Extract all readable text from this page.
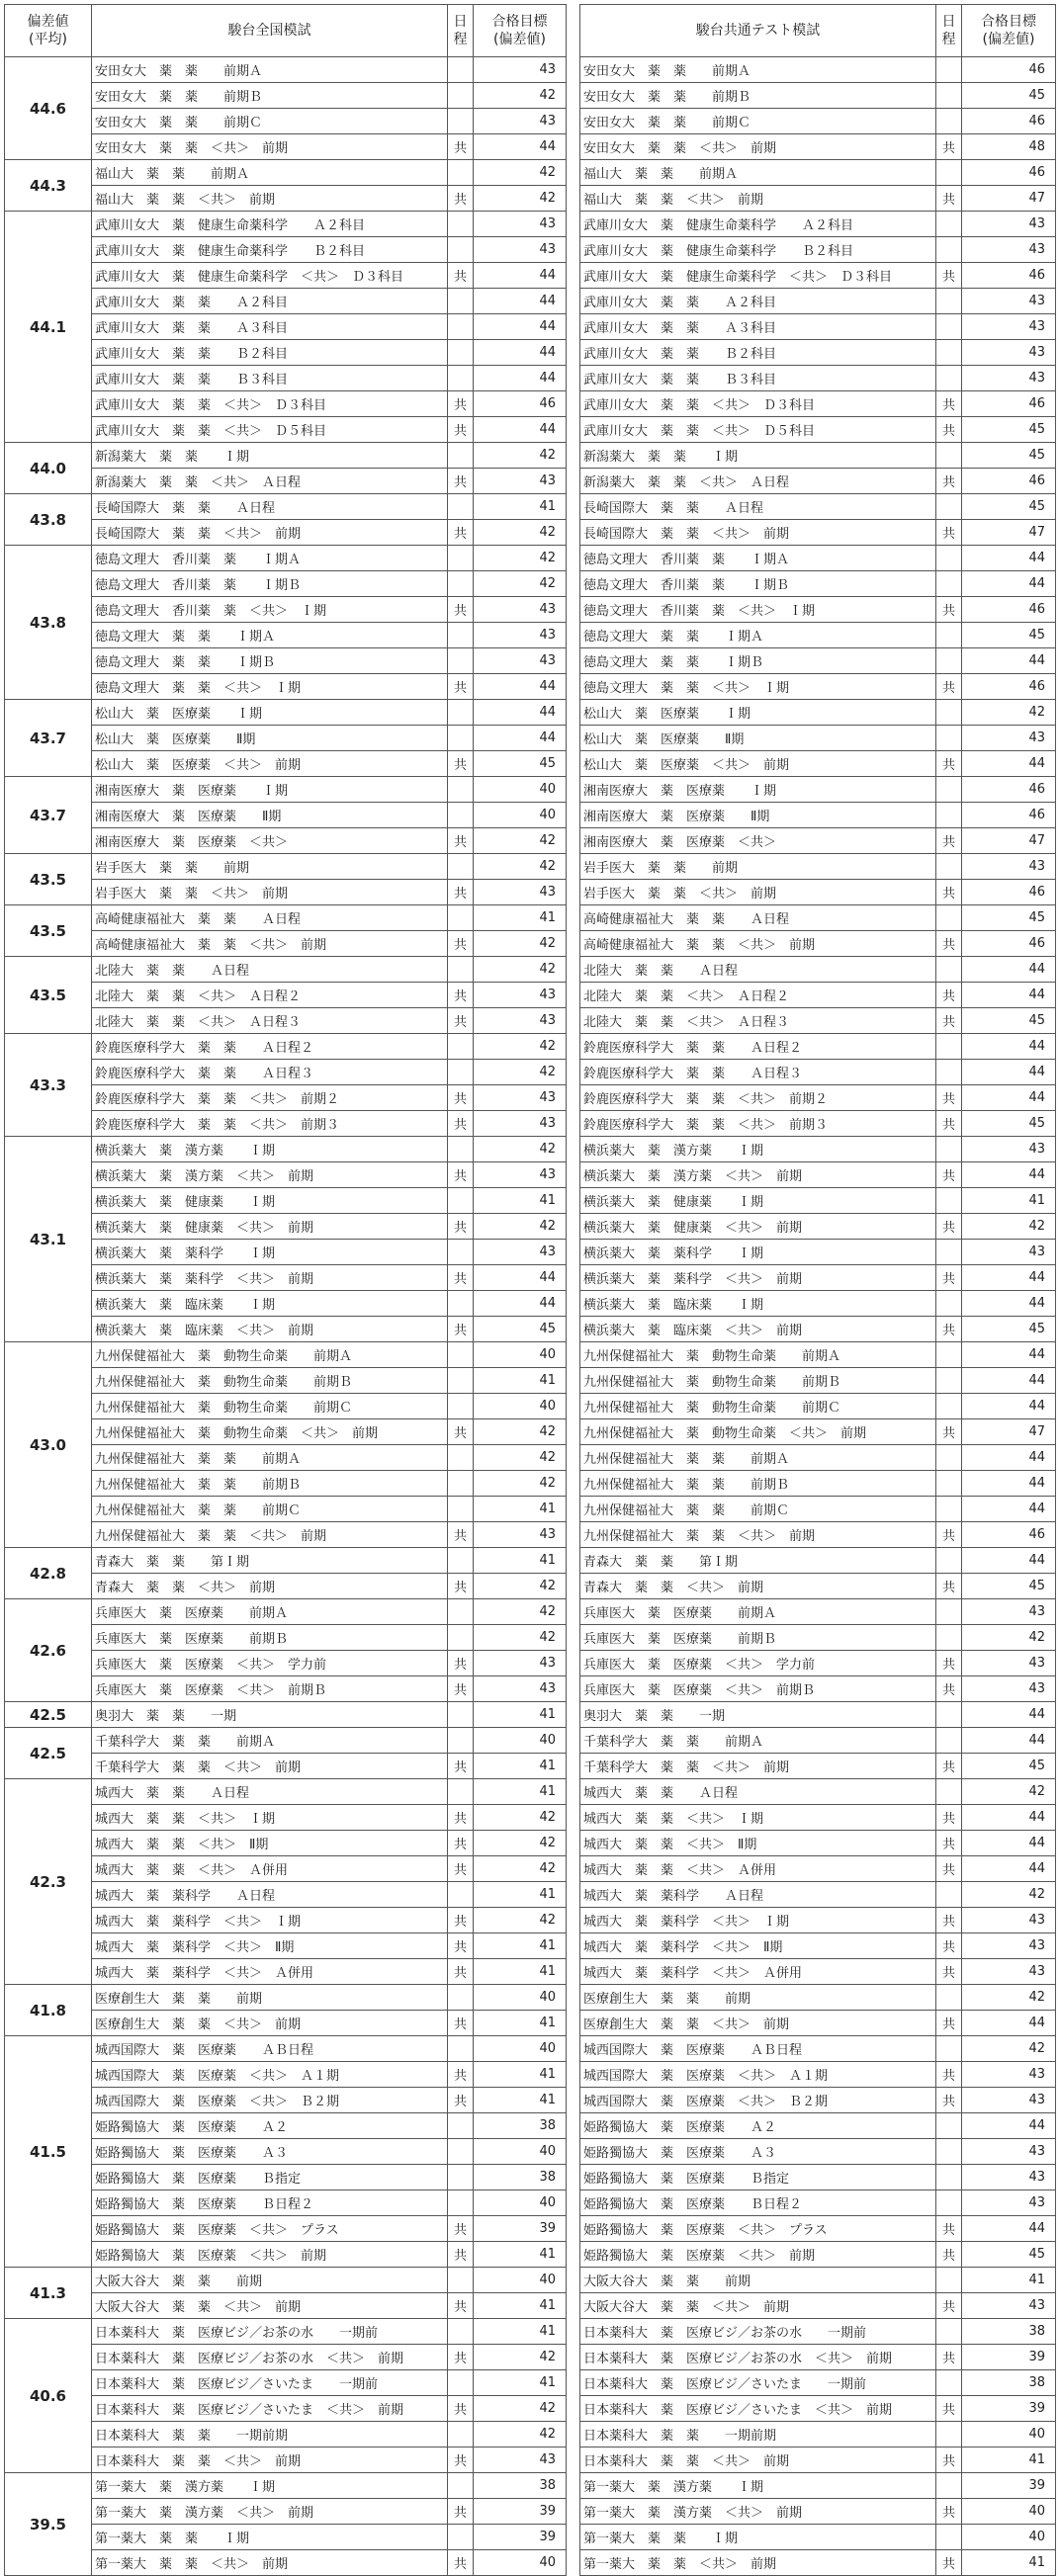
偏差値
(平均)	駿台全国模試	日
程	合格目標
(偏差値)
44.6	安田女大　薬　薬　　前期Ａ		43
	安田女大　薬　薬　　前期Ｂ		42
	安田女大　薬　薬　　前期Ｃ		43
	安田女大　薬　薬　＜共＞　前期	共	44
44.3	福山大　薬　薬　　前期Ａ		42
	福山大　薬　薬　＜共＞　前期	共	42
44.1	武庫川女大　薬　健康生命薬科学　　Ａ２科目		43
	武庫川女大　薬　健康生命薬科学　　Ｂ２科目		43
	武庫川女大　薬　健康生命薬科学　＜共＞　Ｄ３科目	共	44
	武庫川女大　薬　薬　　Ａ２科目		44
	武庫川女大　薬　薬　　Ａ３科目		44
	武庫川女大　薬　薬　　Ｂ２科目		44
	武庫川女大　薬　薬　　Ｂ３科目		44
	武庫川女大　薬　薬　＜共＞　Ｄ３科目	共	46
	武庫川女大　薬　薬　＜共＞　Ｄ５科目	共	44
44.0	新潟薬大　薬　薬　　Ｉ期		42
	新潟薬大　薬　薬　＜共＞　Ａ日程	共	43
43.8	長崎国際大　薬　薬　　Ａ日程		41
	長崎国際大　薬　薬　＜共＞　前期	共	42
43.8	徳島文理大　香川薬　薬　　Ｉ期Ａ		42
	徳島文理大　香川薬　薬　　Ｉ期Ｂ		42
	徳島文理大　香川薬　薬　＜共＞　Ｉ期	共	43
	徳島文理大　薬　薬　　Ｉ期Ａ		43
	徳島文理大　薬　薬　　Ｉ期Ｂ		43
	徳島文理大　薬　薬　＜共＞　Ｉ期	共	44
43.7	松山大　薬　医療薬　　Ｉ期		44
	松山大　薬　医療薬　　Ⅱ期		44
	松山大　薬　医療薬　＜共＞　前期	共	45
43.7	湘南医療大　薬　医療薬　　Ｉ期		40
	湘南医療大　薬　医療薬　　Ⅱ期		40
	湘南医療大　薬　医療薬　＜共＞	共	42
43.5	岩手医大　薬　薬　　前期		42
	岩手医大　薬　薬　＜共＞　前期	共	43
43.5	高崎健康福祉大　薬　薬　　Ａ日程		41
	高崎健康福祉大　薬　薬　＜共＞　前期	共	42
43.5	北陸大　薬　薬　　Ａ日程		42
	北陸大　薬　薬　＜共＞　Ａ日程２	共	43
	北陸大　薬　薬　＜共＞　Ａ日程３	共	43
43.3	鈴鹿医療科学大　薬　薬　　Ａ日程２		42
	鈴鹿医療科学大　薬　薬　　Ａ日程３		42
	鈴鹿医療科学大　薬　薬　＜共＞　前期２	共	43
	鈴鹿医療科学大　薬　薬　＜共＞　前期３	共	43
43.1	横浜薬大　薬　漢方薬　　Ｉ期		42
	横浜薬大　薬　漢方薬　＜共＞　前期	共	43
	横浜薬大　薬　健康薬　　Ｉ期		41
	横浜薬大　薬　健康薬　＜共＞　前期	共	42
	横浜薬大　薬　薬科学　　Ｉ期		43
	横浜薬大　薬　薬科学　＜共＞　前期	共	44
	横浜薬大　薬　臨床薬　　Ｉ期		44
	横浜薬大　薬　臨床薬　＜共＞　前期	共	45
43.0	九州保健福祉大　薬　動物生命薬　　前期Ａ		40
	九州保健福祉大　薬　動物生命薬　　前期Ｂ		41
	九州保健福祉大　薬　動物生命薬　　前期Ｃ		40
	九州保健福祉大　薬　動物生命薬　＜共＞　前期	共	42
	九州保健福祉大　薬　薬　　前期Ａ		42
	九州保健福祉大　薬　薬　　前期Ｂ		42
	九州保健福祉大　薬　薬　　前期Ｃ		41
	九州保健福祉大　薬　薬　＜共＞　前期	共	43
42.8	青森大　薬　薬　　第Ｉ期		41
	青森大　薬　薬　＜共＞　前期	共	42
42.6	兵庫医大　薬　医療薬　　前期Ａ		42
	兵庫医大　薬　医療薬　　前期Ｂ		42
	兵庫医大　薬　医療薬　＜共＞　学力前	共	43
	兵庫医大　薬　医療薬　＜共＞　前期Ｂ	共	43
42.5	奥羽大　薬　薬　　一期		41
42.5	千葉科学大　薬　薬　　前期Ａ		40
	千葉科学大　薬　薬　＜共＞　前期	共	41
42.3	城西大　薬　薬　　Ａ日程		41
	城西大　薬　薬　＜共＞　Ｉ期	共	42
	城西大　薬　薬　＜共＞　Ⅱ期	共	42
	城西大　薬　薬　＜共＞　Ａ併用	共	42
	城西大　薬　薬科学　　Ａ日程		41
	城西大　薬　薬科学　＜共＞　Ｉ期	共	42
	城西大　薬　薬科学　＜共＞　Ⅱ期	共	41
	城西大　薬　薬科学　＜共＞　Ａ併用	共	41
41.8	医療創生大　薬　薬　　前期		40
	医療創生大　薬　薬　＜共＞　前期	共	41
41.5	城西国際大　薬　医療薬　　ＡＢ日程		40
	城西国際大　薬　医療薬　＜共＞　Ａ１期	共	41
	城西国際大　薬　医療薬　＜共＞　Ｂ２期	共	41
	姫路獨協大　薬　医療薬　　Ａ２		38
	姫路獨協大　薬　医療薬　　Ａ３		40
	姫路獨協大　薬　医療薬　　Ｂ指定		38
	姫路獨協大　薬　医療薬　　Ｂ日程２		40
	姫路獨協大　薬　医療薬　＜共＞　プラス	共	39
	姫路獨協大　薬　医療薬　＜共＞　前期	共	41
41.3	大阪大谷大　薬　薬　　前期		40
	大阪大谷大　薬　薬　＜共＞　前期	共	41
40.6	日本薬科大　薬　医療ビジ／お茶の水　　一期前		41
	日本薬科大　薬　医療ビジ／お茶の水　＜共＞　前期	共	42
	日本薬科大　薬　医療ビジ／さいたま　　一期前		41
	日本薬科大　薬　医療ビジ／さいたま　＜共＞　前期	共	42
	日本薬科大　薬　薬　　一期前期		42
	日本薬科大　薬　薬　＜共＞　前期	共	43
39.5	第一薬大　薬　漢方薬　　Ｉ期		38
	第一薬大　薬　漢方薬　＜共＞　前期	共	39
	第一薬大　薬　薬　　Ｉ期		39
	第一薬大　薬　薬　＜共＞　前期	共	40
駿台共通テスト模試	日
程	合格目標
(偏差値)
安田女大　薬　薬　　前期Ａ		46
安田女大　薬　薬　　前期Ｂ		45
安田女大　薬　薬　　前期Ｃ		46
安田女大　薬　薬　＜共＞　前期	共	48
福山大　薬　薬　　前期Ａ		46
福山大　薬　薬　＜共＞　前期	共	47
武庫川女大　薬　健康生命薬科学　　Ａ２科目		43
武庫川女大　薬　健康生命薬科学　　Ｂ２科目		43
武庫川女大　薬　健康生命薬科学　＜共＞　Ｄ３科目	共	46
武庫川女大　薬　薬　　Ａ２科目		43
武庫川女大　薬　薬　　Ａ３科目		43
武庫川女大　薬　薬　　Ｂ２科目		43
武庫川女大　薬　薬　　Ｂ３科目		43
武庫川女大　薬　薬　＜共＞　Ｄ３科目	共	46
武庫川女大　薬　薬　＜共＞　Ｄ５科目	共	45
新潟薬大　薬　薬　　Ｉ期		45
新潟薬大　薬　薬　＜共＞　Ａ日程	共	46
長崎国際大　薬　薬　　Ａ日程		45
長崎国際大　薬　薬　＜共＞　前期	共	47
徳島文理大　香川薬　薬　　Ｉ期Ａ		44
徳島文理大　香川薬　薬　　Ｉ期Ｂ		44
徳島文理大　香川薬　薬　＜共＞　Ｉ期	共	46
徳島文理大　薬　薬　　Ｉ期Ａ		45
徳島文理大　薬　薬　　Ｉ期Ｂ		44
徳島文理大　薬　薬　＜共＞　Ｉ期	共	46
松山大　薬　医療薬　　Ｉ期		42
松山大　薬　医療薬　　Ⅱ期		43
松山大　薬　医療薬　＜共＞　前期	共	44
湘南医療大　薬　医療薬　　Ｉ期		46
湘南医療大　薬　医療薬　　Ⅱ期		46
湘南医療大　薬　医療薬　＜共＞	共	47
岩手医大　薬　薬　　前期		43
岩手医大　薬　薬　＜共＞　前期	共	46
高崎健康福祉大　薬　薬　　Ａ日程		45
高崎健康福祉大　薬　薬　＜共＞　前期	共	46
北陸大　薬　薬　　Ａ日程		44
北陸大　薬　薬　＜共＞　Ａ日程２	共	44
北陸大　薬　薬　＜共＞　Ａ日程３	共	45
鈴鹿医療科学大　薬　薬　　Ａ日程２		44
鈴鹿医療科学大　薬　薬　　Ａ日程３		44
鈴鹿医療科学大　薬　薬　＜共＞　前期２	共	44
鈴鹿医療科学大　薬　薬　＜共＞　前期３	共	45
横浜薬大　薬　漢方薬　　Ｉ期		43
横浜薬大　薬　漢方薬　＜共＞　前期	共	44
横浜薬大　薬　健康薬　　Ｉ期		41
横浜薬大　薬　健康薬　＜共＞　前期	共	42
横浜薬大　薬　薬科学　　Ｉ期		43
横浜薬大　薬　薬科学　＜共＞　前期	共	44
横浜薬大　薬　臨床薬　　Ｉ期		44
横浜薬大　薬　臨床薬　＜共＞　前期	共	45
九州保健福祉大　薬　動物生命薬　　前期Ａ		44
九州保健福祉大　薬　動物生命薬　　前期Ｂ		44
九州保健福祉大　薬　動物生命薬　　前期Ｃ		44
九州保健福祉大　薬　動物生命薬　＜共＞　前期	共	47
九州保健福祉大　薬　薬　　前期Ａ		44
九州保健福祉大　薬　薬　　前期Ｂ		44
九州保健福祉大　薬　薬　　前期Ｃ		44
九州保健福祉大　薬　薬　＜共＞　前期	共	46
青森大　薬　薬　　第Ｉ期		44
青森大　薬　薬　＜共＞　前期	共	45
兵庫医大　薬　医療薬　　前期Ａ		43
兵庫医大　薬　医療薬　　前期Ｂ		42
兵庫医大　薬　医療薬　＜共＞　学力前	共	43
兵庫医大　薬　医療薬　＜共＞　前期Ｂ	共	43
奥羽大　薬　薬　　一期		44
千葉科学大　薬　薬　　前期Ａ		44
千葉科学大　薬　薬　＜共＞　前期	共	45
城西大　薬　薬　　Ａ日程		42
城西大　薬　薬　＜共＞　Ｉ期	共	44
城西大　薬　薬　＜共＞　Ⅱ期	共	44
城西大　薬　薬　＜共＞　Ａ併用	共	44
城西大　薬　薬科学　　Ａ日程		42
城西大　薬　薬科学　＜共＞　Ｉ期	共	43
城西大　薬　薬科学　＜共＞　Ⅱ期	共	43
城西大　薬　薬科学　＜共＞　Ａ併用	共	43
医療創生大　薬　薬　　前期		42
医療創生大　薬　薬　＜共＞　前期	共	44
城西国際大　薬　医療薬　　ＡＢ日程		42
城西国際大　薬　医療薬　＜共＞　Ａ１期	共	43
城西国際大　薬　医療薬　＜共＞　Ｂ２期	共	43
姫路獨協大　薬　医療薬　　Ａ２		44
姫路獨協大　薬　医療薬　　Ａ３		43
姫路獨協大　薬　医療薬　　Ｂ指定		43
姫路獨協大　薬　医療薬　　Ｂ日程２		43
姫路獨協大　薬　医療薬　＜共＞　プラス	共	44
姫路獨協大　薬　医療薬　＜共＞　前期	共	45
大阪大谷大　薬　薬　　前期		41
大阪大谷大　薬　薬　＜共＞　前期	共	43
日本薬科大　薬　医療ビジ／お茶の水　　一期前		38
日本薬科大　薬　医療ビジ／お茶の水　＜共＞　前期	共	39
日本薬科大　薬　医療ビジ／さいたま　　一期前		38
日本薬科大　薬　医療ビジ／さいたま　＜共＞　前期	共	39
日本薬科大　薬　薬　　一期前期		40
日本薬科大　薬　薬　＜共＞　前期	共	41
第一薬大　薬　漢方薬　　Ｉ期		39
第一薬大　薬　漢方薬　＜共＞　前期	共	40
第一薬大　薬　薬　　Ｉ期		40
第一薬大　薬　薬　＜共＞　前期	共	41
